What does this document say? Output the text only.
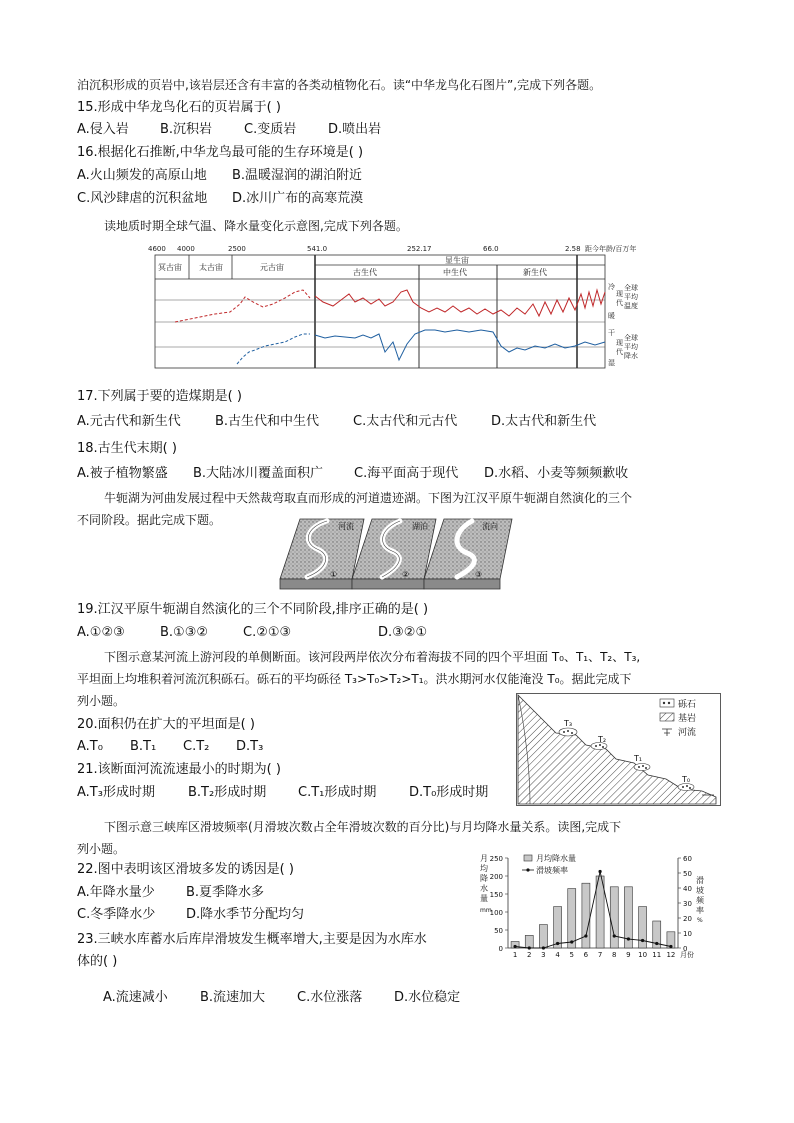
泊沉积形成的页岩中,该岩层还含有丰富的各类动植物化石。读“中华龙鸟化石图片”,完成下列各题。
15.形成中华龙鸟化石的页岩属于( )
A.侵入岩 B.沉积岩 C.变质岩 D.喷出岩
16.根据化石推断,中华龙鸟最可能的生存环境是( )
A.火山频发的高原山地 B.温暖湿润的湖泊附近
C.风沙肆虐的沉积盆地 D.冰川广布的高寒荒漠
读地质时期全球气温、降水量变化示意图,完成下列各题。
4600 4000	2500	541.0	252.17	66.0	2.58 距今年龄/百万年
冥古宙 太古宙	元古宙
显生宙
古生代	中生代	新生代
冷
暖
现
代
全球
平均
温度
干
湿
现
代
全球
平均
降水
17.下列属于要的造煤期是( )
A.元古代和新生代	B.古生代和中生代	C.太古代和元古代	D.太古代和新生代
18.古生代末期( )
A.被子植物繁盛 B.大陆冰川覆盖面积广 C.海平面高于现代 D.水稻、小麦等频频歉收
牛轭湖为河曲发展过程中天然裁弯取直而形成的河道遗迹湖。下图为江汉平原牛轭湖自然演化的三个
不同阶段。据此完成下题。	河流	湖泊	流向
①	②	③
19.江汉平原牛轭湖自然演化的三个不同阶段,排序正确的是( )
A.①②③	B.①③②	C.②①③	D.③②①
下图示意某河流上游河段的单侧断面。该河段两岸依次分布着海拔不同的四个平坦面 T₀、T₁、T₂、T₃,
平坦面上均堆积着河流沉积砾石。砾石的平均砾径 T₃>T₀>T₂>T₁。洪水期河水仅能淹没 T₀。据此完成下
列小题。
T₃
T₂
T₁
T₀
砾石
基岩
河流
20.面积仍在扩大的平坦面是( )
A.T₀ B.T₁ C.T₂ D.T₃
21.该断面河流流速最小的时期为( )
A.T₃形成时期	B.T₂形成时期 C.T₁形成时期	D.T₀形成时期
下图示意三峡库区滑坡频率(月滑坡次数占全年滑坡次数的百分比)与月均降水量关系。读图,完成下
列小题。
22.图中表明该区滑坡多发的诱因是( )
A.年降水量少 B.夏季降水多
C.冬季降水少 D.降水季节分配均匀
23.三峡水库蓄水后库岸滑坡发生概率增大,主要是因为水库水
体的( )
A.流速减小 B.流速加大 C.水位涨落 D.水位稳定
月
均
降
水
量
mm
滑
坡
频
率
%
0
50
100
150
200
250
0
10
20
30
40
50
60
1 2 3 4 5 6 7 8 9 10 11 12 月份
月均降水量
滑坡频率
